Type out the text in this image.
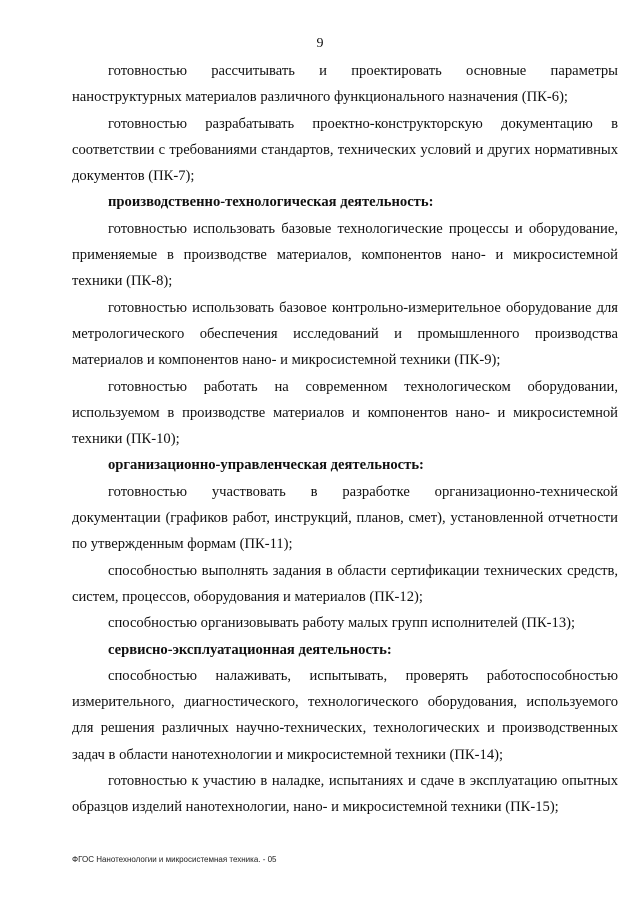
9

готовностью рассчитывать и проектировать основные параметры наноструктурных материалов различного функционального назначения (ПК-6);

готовностью разрабатывать проектно-конструкторскую документацию в соответствии с требованиями стандартов, технических условий и других нормативных документов (ПК-7);

производственно-технологическая деятельность:

готовностью использовать базовые технологические процессы и оборудование, применяемые в производстве материалов, компонентов нано- и микросистемной техники (ПК-8);

готовностью использовать базовое контрольно-измерительное оборудование для метрологического обеспечения исследований и промышленного производства материалов и компонентов нано- и микросистемной техники (ПК-9);

готовностью работать на современном технологическом оборудовании, используемом в производстве материалов и компонентов нано- и микросистемной техники (ПК-10);

организационно-управленческая деятельность:

готовностью участвовать в разработке организационно-технической документации (графиков работ, инструкций, планов, смет), установленной отчетности по утвержденным формам (ПК-11);

способностью выполнять задания в области сертификации технических средств, систем, процессов, оборудования и материалов (ПК-12);

способностью организовывать работу малых групп исполнителей (ПК-13);

сервисно-эксплуатационная деятельность:

способностью налаживать, испытывать, проверять работоспособностью измерительного, диагностического, технологического оборудования, используемого для решения различных научно-технических, технологических и производственных задач в области нанотехнологии и микросистемной техники (ПК-14);

готовностью к участию в наладке, испытаниях и сдаче в эксплуатацию опытных образцов изделий нанотехнологии, нано- и микросистемной техники (ПК-15);

ФГОС Нанотехнологии и микросистемная техника. - 05
